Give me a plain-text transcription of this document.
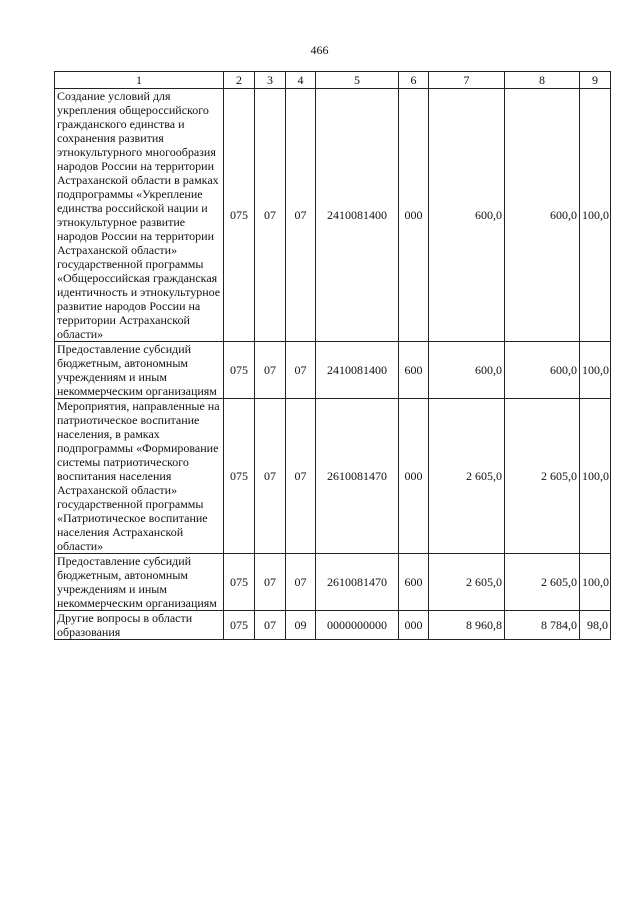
466
1	2	3	4	5	6	7	8	9
Создание условий для укрепления общероссийского гражданского единства и сохранения развития этнокультурного многообразия народов России на территории Астраханской области в рамках подпрограммы «Укрепление единства российской нации и этнокультурное развитие народов России на территории Астраханской области» государственной программы «Общероссийская гражданская идентичность и этнокультурное развитие народов России на территории Астраханской области»	075	07	07	2410081400	000	600,0	600,0	100,0
Предоставление субсидий бюджетным, автономным учреждениям и иным некоммерческим организациям	075	07	07	2410081400	600	600,0	600,0	100,0
Мероприятия, направленные на патриотическое воспитание населения, в рамках подпрограммы «Формирование системы патриотического воспитания населения Астраханской области» государственной программы «Патриотическое воспитание населения Астраханской области»	075	07	07	2610081470	000	2 605,0	2 605,0	100,0
Предоставление субсидий бюджетным, автономным учреждениям и иным некоммерческим организациям	075	07	07	2610081470	600	2 605,0	2 605,0	100,0
Другие вопросы в области образования	075	07	09	0000000000	000	8 960,8	8 784,0	98,0
